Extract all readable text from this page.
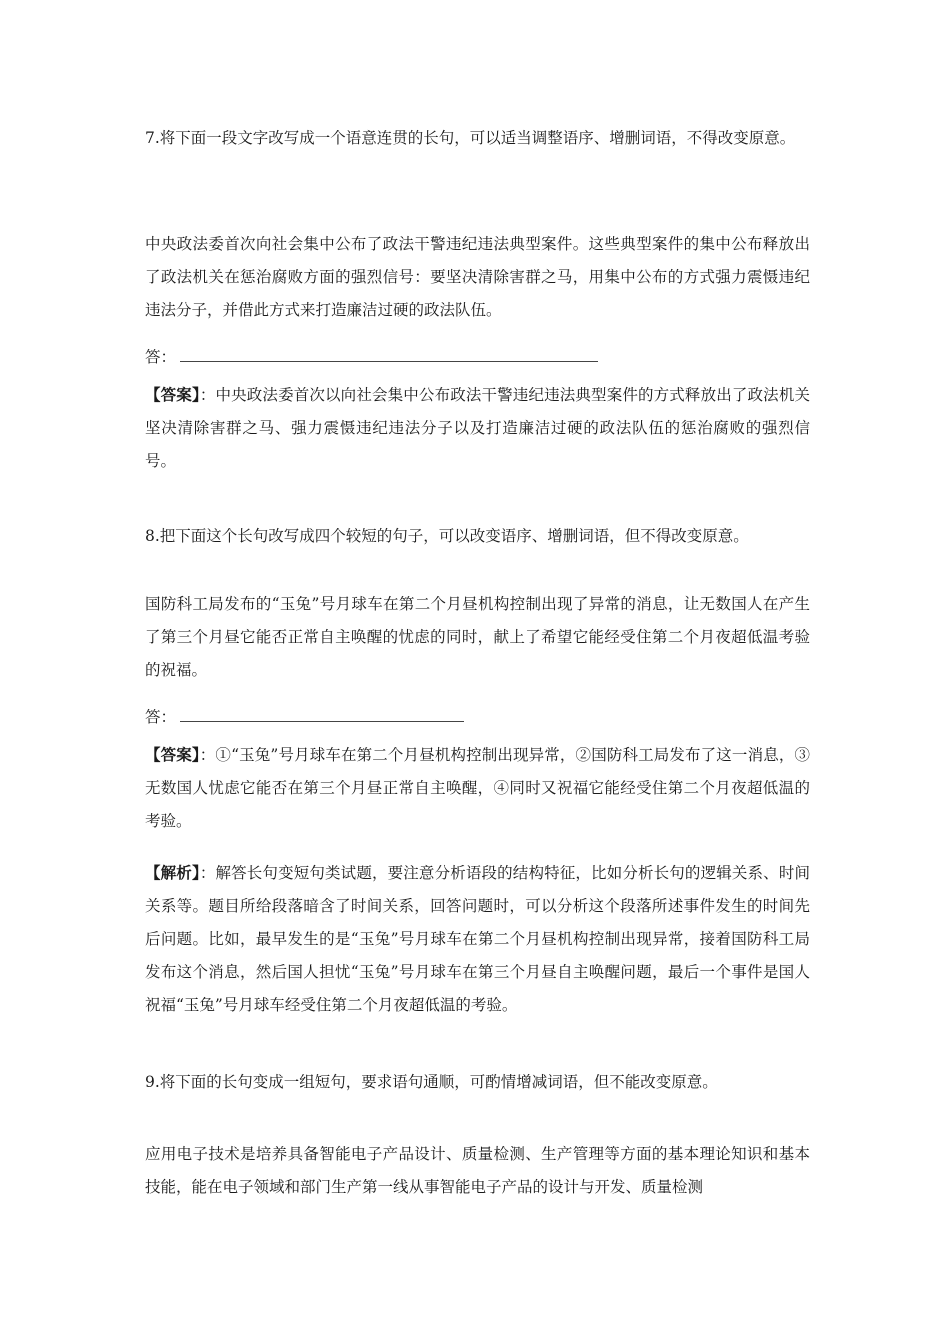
7.将下面一段文字改写成一个语意连贯的长句，可以适当调整语序、增删词语，不得改变原意。

中央政法委首次向社会集中公布了政法干警违纪违法典型案件。这些典型案件的集中公布释放出了政法机关在惩治腐败方面的强烈信号：要坚决清除害群之马，用集中公布的方式强力震慑违纪违法分子，并借此方式来打造廉洁过硬的政法队伍。

答：

【答案】：中央政法委首次以向社会集中公布政法干警违纪违法典型案件的方式释放出了政法机关坚决清除害群之马、强力震慑违纪违法分子以及打造廉洁过硬的政法队伍的惩治腐败的强烈信号。

8.把下面这个长句改写成四个较短的句子，可以改变语序、增删词语，但不得改变原意。

国防科工局发布的“玉兔”号月球车在第二个月昼机构控制出现了异常的消息，让无数国人在产生了第三个月昼它能否正常自主唤醒的忧虑的同时，献上了希望它能经受住第二个月夜超低温考验的祝福。

答：

【答案】：①“玉兔”号月球车在第二个月昼机构控制出现异常，②国防科工局发布了这一消息，③无数国人忧虑它能否在第三个月昼正常自主唤醒，④同时又祝福它能经受住第二个月夜超低温的考验。

【解析】：解答长句变短句类试题，要注意分析语段的结构特征，比如分析长句的逻辑关系、时间关系等。题目所给段落暗含了时间关系，回答问题时，可以分析这个段落所述事件发生的时间先后问题。比如，最早发生的是“玉兔”号月球车在第二个月昼机构控制出现异常，接着国防科工局发布这个消息，然后国人担忧“玉兔”号月球车在第三个月昼自主唤醒问题，最后一个事件是国人祝福“玉兔”号月球车经受住第二个月夜超低温的考验。

9.将下面的长句变成一组短句，要求语句通顺，可酌情增减词语，但不能改变原意。

应用电子技术是培养具备智能电子产品设计、质量检测、生产管理等方面的基本理论知识和基本技能，能在电子领域和部门生产第一线从事智能电子产品的设计与开发、质量检测
